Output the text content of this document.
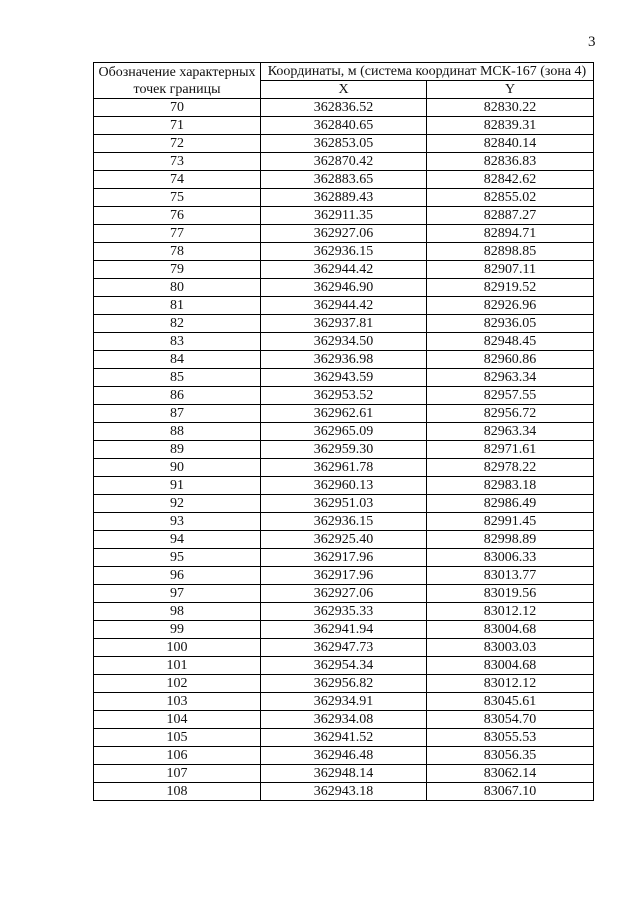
3
Обозначение характерных точек границы	Координаты, м (система координат МСК-167 (зона 4)	
	X	Y
70	362836.52	82830.22
71	362840.65	82839.31
72	362853.05	82840.14
73	362870.42	82836.83
74	362883.65	82842.62
75	362889.43	82855.02
76	362911.35	82887.27
77	362927.06	82894.71
78	362936.15	82898.85
79	362944.42	82907.11
80	362946.90	82919.52
81	362944.42	82926.96
82	362937.81	82936.05
83	362934.50	82948.45
84	362936.98	82960.86
85	362943.59	82963.34
86	362953.52	82957.55
87	362962.61	82956.72
88	362965.09	82963.34
89	362959.30	82971.61
90	362961.78	82978.22
91	362960.13	82983.18
92	362951.03	82986.49
93	362936.15	82991.45
94	362925.40	82998.89
95	362917.96	83006.33
96	362917.96	83013.77
97	362927.06	83019.56
98	362935.33	83012.12
99	362941.94	83004.68
100	362947.73	83003.03
101	362954.34	83004.68
102	362956.82	83012.12
103	362934.91	83045.61
104	362934.08	83054.70
105	362941.52	83055.53
106	362946.48	83056.35
107	362948.14	83062.14
108	362943.18	83067.10
